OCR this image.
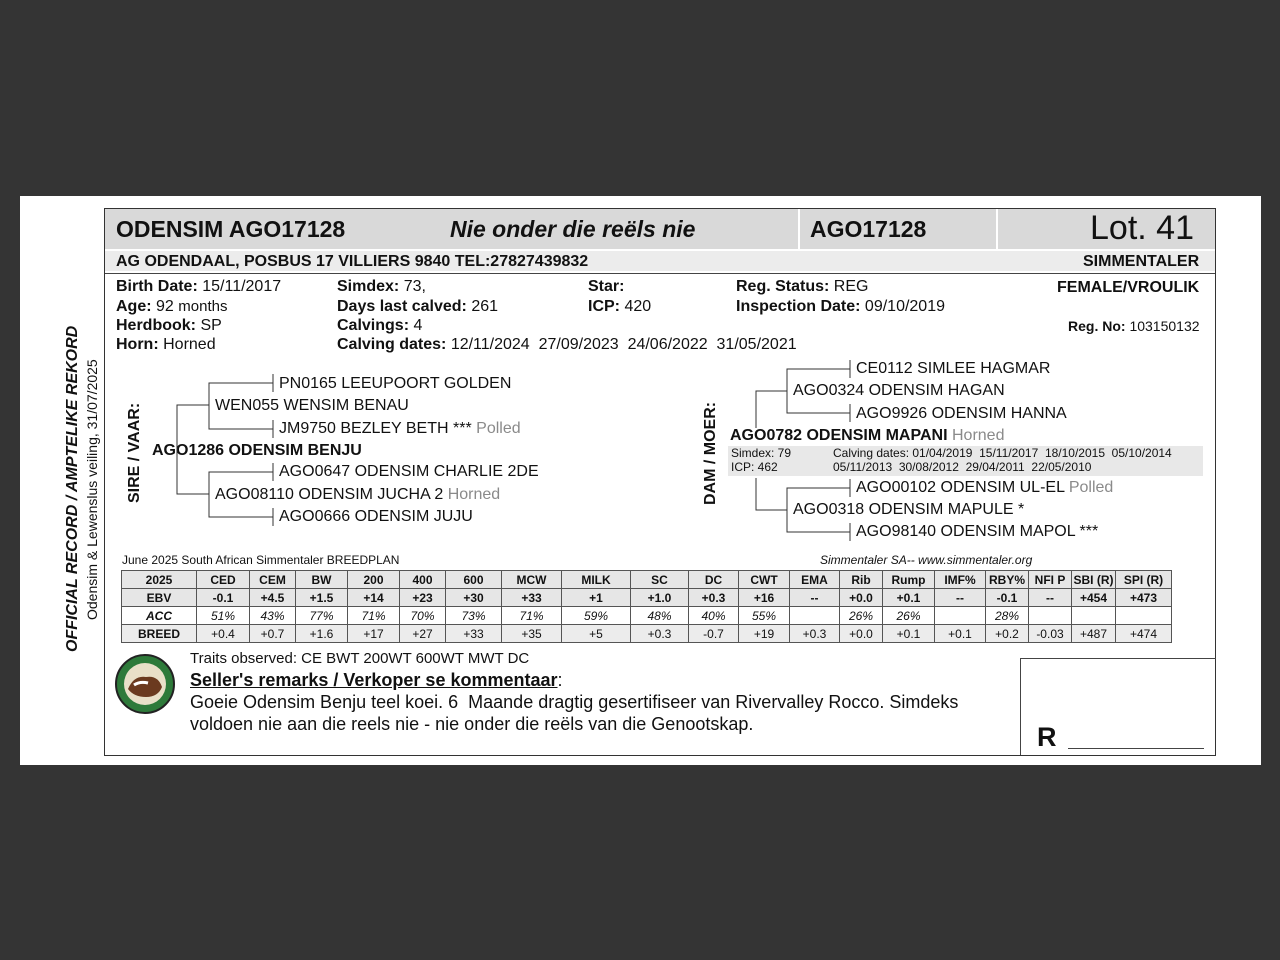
ODENSIM AGO17128	Nie onder die reëls nie	AGO17128	Lot. 41
AG ODENDAAL, POSBUS 17 VILLIERS 9840 TEL:27827439832	SIMMENTALER
Birth Date: 15/11/2017
Age: 92 months
Herdbook: SP
Horn: Horned
Simdex: 73,
Days last calved: 261
Calvings: 4
Calving dates: 12/11/2024  27/09/2023  24/06/2022  31/05/2021
Star:
ICP: 420
Reg. Status: REG
Inspection Date: 09/10/2019
FEMALE/VROULIK
Reg. No: 103150132
SIRE / VAAR: AGO1286 ODENSIM BENJU
WEN055 WENSIM BENAU
PN0165 LEEUPOORT GOLDEN
JM9750 BEZLEY BETH *** Polled
AGO08110 ODENSIM JUCHA 2 Horned
AGO0647 ODENSIM CHARLIE 2DE
AGO0666 ODENSIM JUJU
DAM / MOER: AGO0782 ODENSIM MAPANI Horned
Simdex: 79
ICP: 462
Calving dates: 01/04/2019  15/11/2017  18/10/2015  05/10/2014
05/11/2013  30/08/2012  29/04/2011  22/05/2010
AGO0324 ODENSIM HAGAN
CE0112 SIMLEE HAGMAR
AGO9926 ODENSIM HANNA
AGO0318 ODENSIM MAPULE *
AGO00102 ODENSIM UL-EL Polled
AGO98140 ODENSIM MAPOL ***
June 2025 South African Simmentaler BREEDPLAN	Simmentaler SA-- www.simmentaler.org
2025	CED	CEM	BW	200	400	600	MCW	MILK	SC	DC	CWT	EMA	Rib	Rump	IMF%	RBY%	NFI P	SBI (R)	SPI (R)
EBV	-0.1	+4.5	+1.5	+14	+23	+30	+33	+1	+1.0	+0.3	+16	--	+0.0	+0.1	--	-0.1	--	+454	+473
ACC	51%	43%	77%	71%	70%	73%	71%	59%	48%	40%	55%		26%	26%		28%			
BREED	+0.4	+0.7	+1.6	+17	+27	+33	+35	+5	+0.3	-0.7	+19	+0.3	+0.0	+0.1	+0.1	+0.2	-0.03	+487	+474
Traits observed: CE BWT 200WT 600WT MWT DC
Seller's remarks / Verkoper se kommentaar:
Goeie Odensim Benju teel koei. 6  Maande dragtig gesertifiseer van Rivervalley Rocco. Simdeks
voldoen nie aan die reels nie - nie onder die reëls van die Genootskap.	R
OFFICIAL RECORD / AMPTELIKE REKORD Odensim & Lewenslus veiling, 31/07/2025
